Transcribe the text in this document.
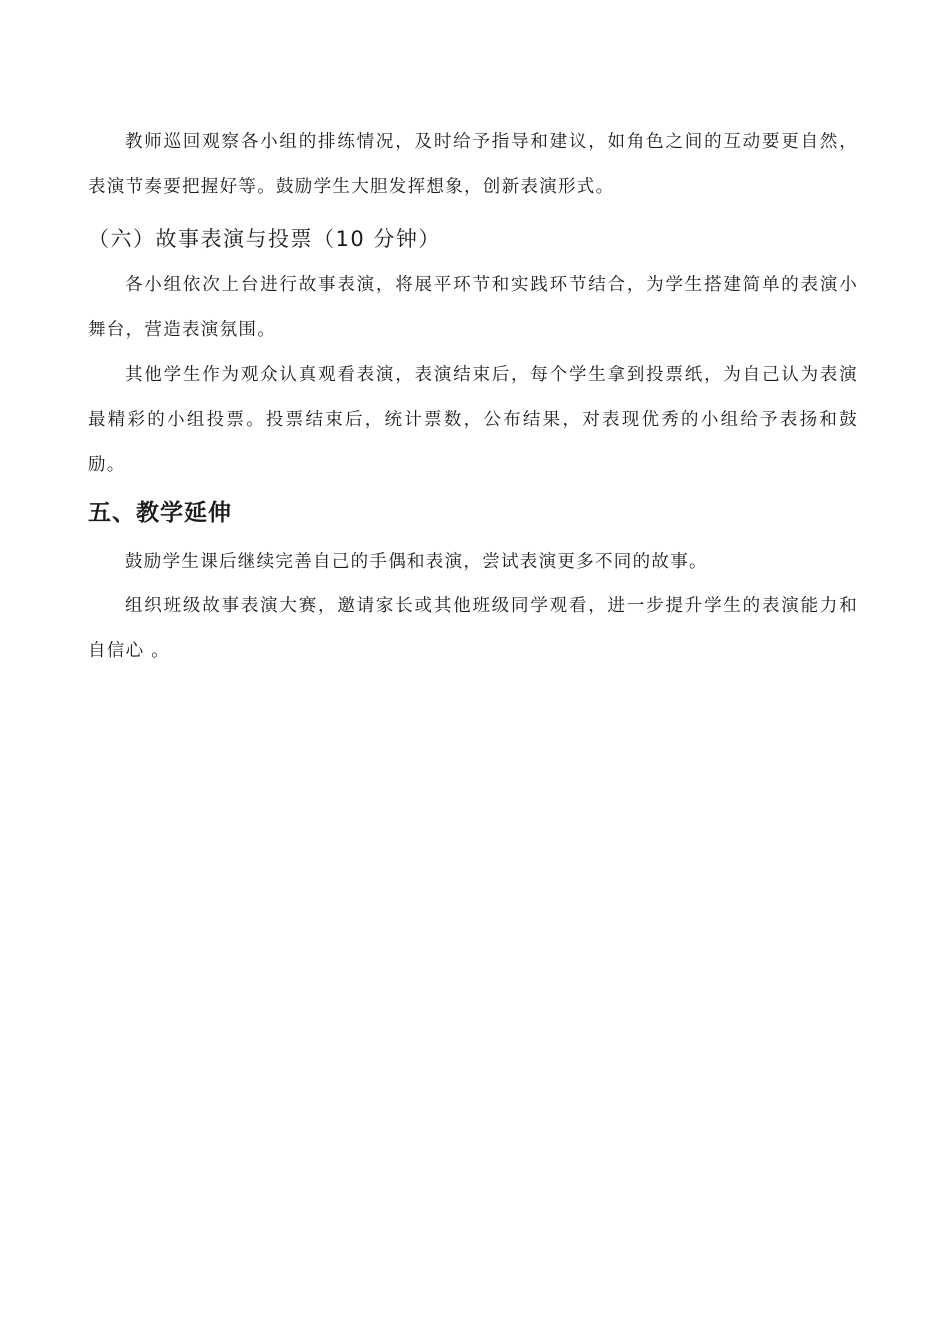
教师巡回观察各小组的排练情况，及时给予指导和建议，如角色之间的互动要更自然，表演节奏要把握好等。鼓励学生大胆发挥想象，创新表演形式。

（六）故事表演与投票（10 分钟）

各小组依次上台进行故事表演，将展平环节和实践环节结合，为学生搭建简单的表演小舞台，营造表演氛围。

其他学生作为观众认真观看表演，表演结束后，每个学生拿到投票纸，为自己认为表演最精彩的小组投票。投票结束后，统计票数，公布结果，对表现优秀的小组给予表扬和鼓励。

五、教学延伸

鼓励学生课后继续完善自己的手偶和表演，尝试表演更多不同的故事。

组织班级故事表演大赛，邀请家长或其他班级同学观看，进一步提升学生的表演能力和自信心 。
